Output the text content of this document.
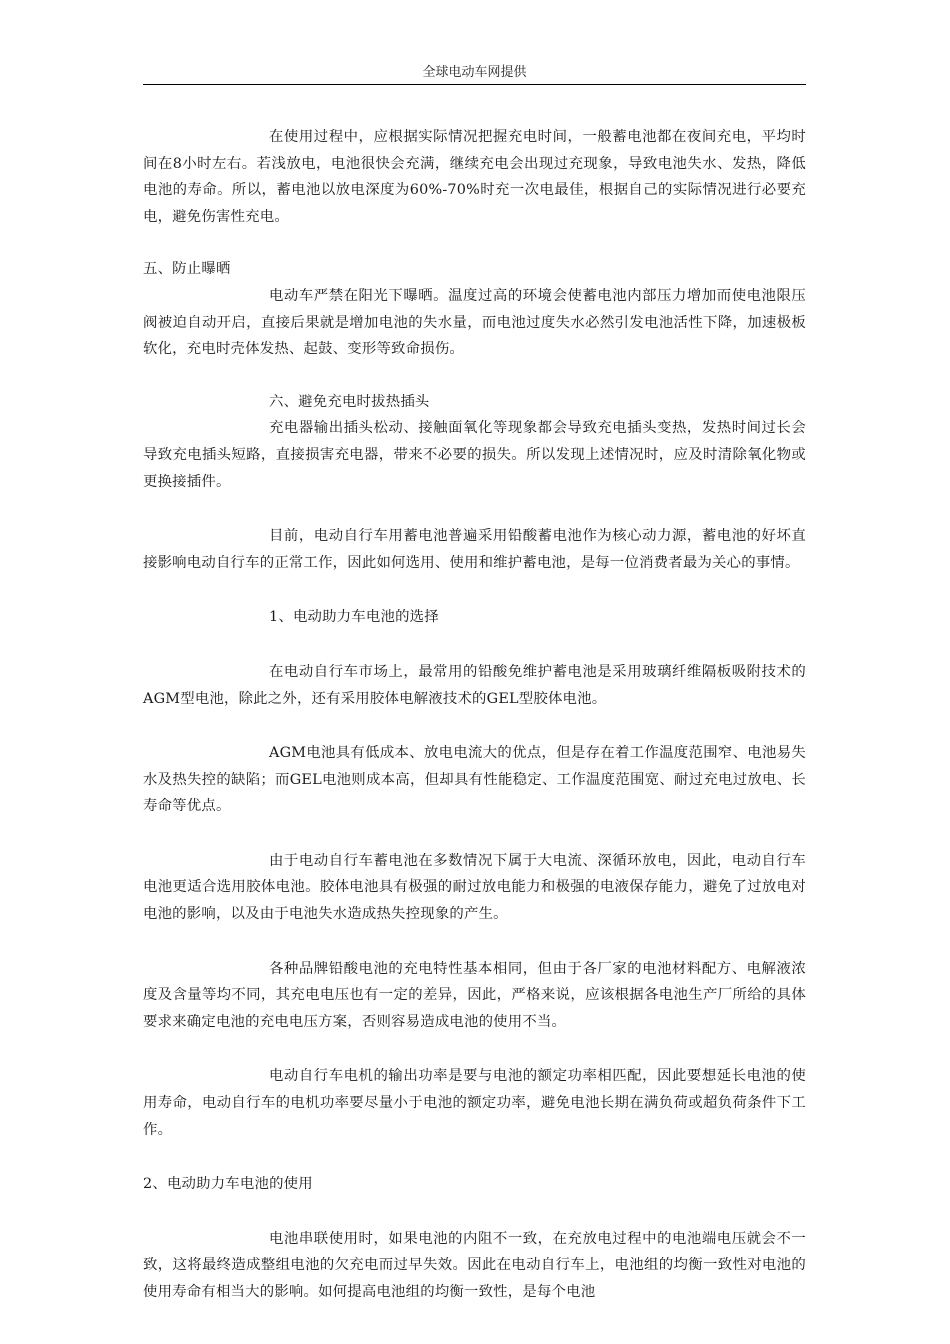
全球电动车网提供

在使用过程中，应根据实际情况把握充电时间，一般蓄电池都在夜间充电，平均时间在8小时左右。若浅放电，电池很快会充满，继续充电会出现过充现象，导致电池失水、发热，降低电池的寿命。所以，蓄电池以放电深度为60%-70%时充一次电最佳，根据自己的实际情况进行必要充电，避免伤害性充电。

五、防止曝晒

电动车严禁在阳光下曝晒。温度过高的环境会使蓄电池内部压力增加而使电池限压阀被迫自动开启，直接后果就是增加电池的失水量，而电池过度失水必然引发电池活性下降，加速极板软化，充电时壳体发热、起鼓、变形等致命损伤。

六、避免充电时拔热插头

充电器输出插头松动、接触面氧化等现象都会导致充电插头变热，发热时间过长会导致充电插头短路，直接损害充电器，带来不必要的损失。所以发现上述情况时，应及时清除氧化物或更换接插件。

目前，电动自行车用蓄电池普遍采用铅酸蓄电池作为核心动力源，蓄电池的好坏直接影响电动自行车的正常工作，因此如何选用、使用和维护蓄电池，是每一位消费者最为关心的事情。

1、电动助力车电池的选择

在电动自行车市场上，最常用的铅酸免维护蓄电池是采用玻璃纤维隔板吸附技术的AGM型电池，除此之外，还有采用胶体电解液技术的GEL型胶体电池。

AGM电池具有低成本、放电电流大的优点，但是存在着工作温度范围窄、电池易失水及热失控的缺陷；而GEL电池则成本高，但却具有性能稳定、工作温度范围宽、耐过充电过放电、长寿命等优点。

由于电动自行车蓄电池在多数情况下属于大电流、深循环放电，因此，电动自行车电池更适合选用胶体电池。胶体电池具有极强的耐过放电能力和极强的电液保存能力，避免了过放电对电池的影响，以及由于电池失水造成热失控现象的产生。

各种品牌铅酸电池的充电特性基本相同，但由于各厂家的电池材料配方、电解液浓度及含量等均不同，其充电电压也有一定的差异，因此，严格来说，应该根据各电池生产厂所给的具体要求来确定电池的充电电压方案，否则容易造成电池的使用不当。

电动自行车电机的输出功率是要与电池的额定功率相匹配，因此要想延长电池的使用寿命，电动自行车的电机功率要尽量小于电池的额定功率，避免电池长期在满负荷或超负荷条件下工作。

2、电动助力车电池的使用

电池串联使用时，如果电池的内阻不一致，在充放电过程中的电池端电压就会不一致，这将最终造成整组电池的欠充电而过早失效。因此在电动自行车上，电池组的均衡一致性对电池的使用寿命有相当大的影响。如何提高电池组的均衡一致性，是每个电池
